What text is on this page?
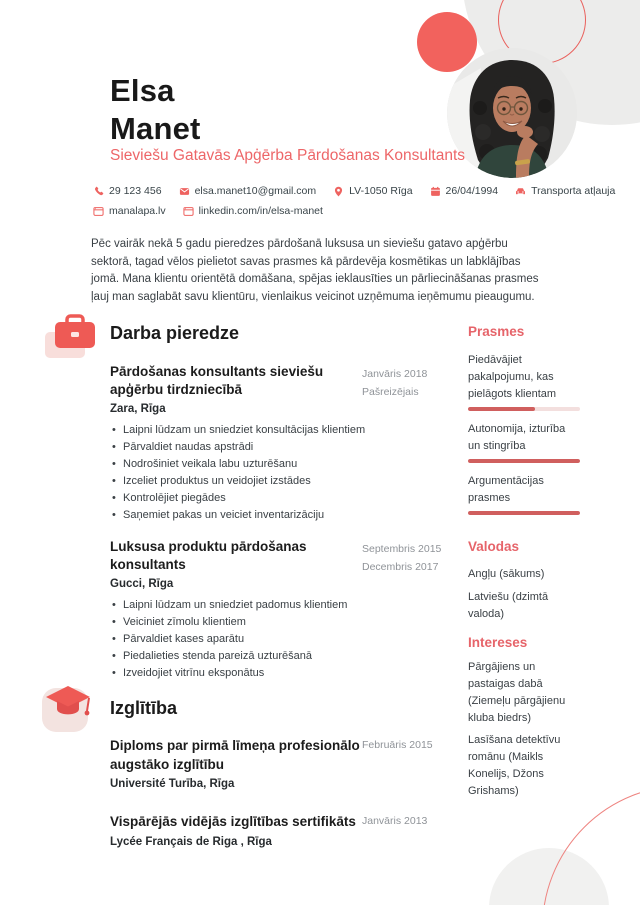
Elsa
Manet
Sieviešu Gatavās Apģērba Pārdošanas Konsultants
29 123 456	elsa.manet10@gmail.com	LV-1050 Rīga	26/04/1994	Transporta atļauja
manalapa.lv	linkedin.com/in/elsa-manet

Pēc vairāk nekā 5 gadu pieredzes pārdošanā luksusa un sieviešu gatavo apģērbu sektorā, tagad vēlos pielietot savas prasmes kā pārdevēja kosmētikas un labklājības jomā. Mana klientu orientētā domāšana, spējas ieklausīties un pārliecināšanas prasmes ļauj man saglabāt savu klientūru, vienlaikus veicinot uzņēmuma ieņēmumu pieaugumu.

Darba pieredze
Pārdošanas konsultants sieviešu apģērbu tirdzniecībā
Janvāris 2018
Pašreizējais
Zara, Rīga
• Laipni lūdzam un sniedziet konsultācijas klientiem
• Pārvaldiet naudas apstrādi
• Nodrošiniet veikala labu uzturēšanu
• Izceliet produktus un veidojiet izstādes
• Kontrolējiet piegādes
• Saņemiet pakas un veiciet inventarizāciju
Luksusa produktu pārdošanas konsultants
Septembris 2015
Decembris 2017
Gucci, Rīga
• Laipni lūdzam un sniedziet padomus klientiem
• Veiciniet zīmolu klientiem
• Pārvaldiet kases aparātu
• Piedalieties stenda pareizā uzturēšanā
• Izveidojiet vitrīnu eksponātus
Izglītība
Diploms par pirmā līmeņa profesionālo augstāko izglītību
Februāris 2015
Université Turība, Rīga
Vispārējās vidējās izglītības sertifikāts Janvāris 2013
Lycée Français de Riga , Rīga
Prasmes
Piedāvājiet pakalpojumu, kas pielāgots klientam
Autonomija, izturība un stingrība
Argumentācijas prasmes
Valodas
Angļu (sākums)
Latviešu (dzimtā valoda)
Intereses
Pārgājiens un pastaigas dabā (Ziemeļu pārgājienu kluba biedrs)
Lasīšana detektīvu romānu (Maikls Konelijs, Džons Grishams)
